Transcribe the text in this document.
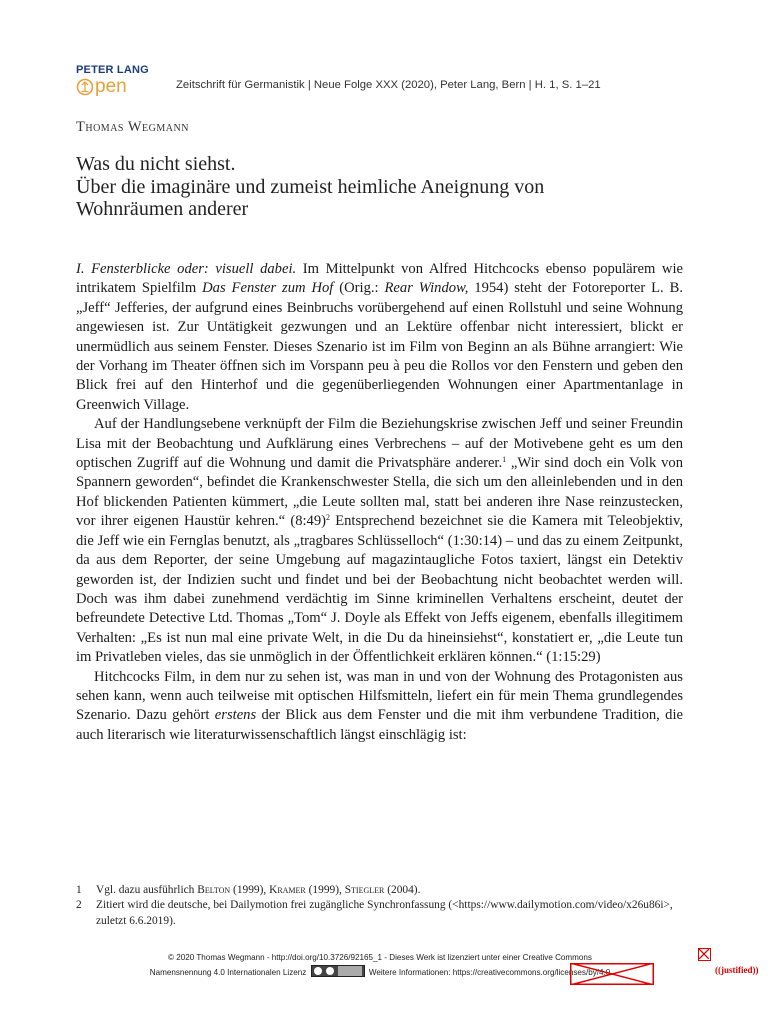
PETER LANG
pen	Zeitschrift für Germanistik | Neue Folge XXX (2020), Peter Lang, Bern | H. 1, S. 1–21
Thomas Wegmann
Was du nicht siehst.
Über die imaginäre und zumeist heimliche Aneignung von Wohnräumen anderer

I. Fensterblicke oder: visuell dabei. Im Mittelpunkt von Alfred Hitchcocks ebenso populärem wie intrikatem Spielfilm Das Fenster zum Hof (Orig.: Rear Window, 1954) steht der Fotoreporter L. B. „Jeff“ Jefferies, der aufgrund eines Beinbruchs vorübergehend auf einen Rollstuhl und seine Wohnung angewiesen ist. Zur Untätigkeit gezwungen und an Lektüre offenbar nicht interessiert, blickt er unermüdlich aus seinem Fenster. Dieses Szenario ist im Film von Beginn an als Bühne arrangiert: Wie der Vorhang im Theater öffnen sich im Vorspann peu à peu die Rollos vor den Fenstern und geben den Blick frei auf den Hinterhof und die gegenüberliegenden Wohnungen einer Apartmentanlage in Greenwich Village.

Auf der Handlungsebene verknüpft der Film die Beziehungskrise zwischen Jeff und seiner Freundin Lisa mit der Beobachtung und Aufklärung eines Verbrechens – auf der Motivebene geht es um den optischen Zugriff auf die Wohnung und damit die Privatsphäre anderer.$^1$ „Wir sind doch ein Volk von Spannern geworden“, befindet die Krankenschwester Stella, die sich um den alleinlebenden und in den Hof blickenden Patienten kümmert, „die Leute sollten mal, statt bei anderen ihre Nase reinzustecken, vor ihrer eigenen Haustür kehren.“ (8:49)$^2$ Entsprechend bezeichnet sie die Kamera mit Teleobjektiv, die Jeff wie ein Fernglas benutzt, als „tragbares Schlüsselloch“ (1:30:14) – und das zu einem Zeitpunkt, da aus dem Reporter, der seine Umgebung auf magazintaugliche Fotos taxiert, längst ein Detektiv geworden ist, der Indizien sucht und findet und bei der Beobachtung nicht beobachtet werden will. Doch was ihm dabei zunehmend verdächtig im Sinne kriminellen Verhaltens erscheint, deutet der befreundete Detective Ltd. Thomas „Tom“ J. Doyle als Effekt von Jeffs eigenem, ebenfalls illegitimem Verhalten: „Es ist nun mal eine private Welt, in die Du da hineinsiehst“, konstatiert er, „die Leute tun im Privatleben vieles, das sie unmöglich in der Öffentlichkeit erklären können.“ (1:15:29)

Hitchcocks Film, in dem nur zu sehen ist, was man in und von der Wohnung des Protagonisten aus sehen kann, wenn auch teilweise mit optischen Hilfsmitteln, liefert ein für mein Thema grundlegendes Szenario. Dazu gehört erstens der Blick aus dem Fenster und die mit ihm verbundene Tradition, die auch literarisch wie literaturwissenschaftlich längst einschlägig ist:

1	Vgl. dazu ausführlich Belton (1999), Kramer (1999), Stiegler (2004).
2	Zitiert wird die deutsche, bei Dailymotion frei zugängliche Synchronfassung (<https://www.dailymotion.com/video/x26u86i>, zuletzt 6.6.2019).
© 2020 Thomas Wegmann - http://doi.org/10.3726/92165_1 - Dieses Werk ist lizenziert unter einer Creative Commons
Namensnennung 4.0 Internationalen Lizenz	Weitere Informationen: https://creativecommons.org/licenses/by/4.0	((justified))
